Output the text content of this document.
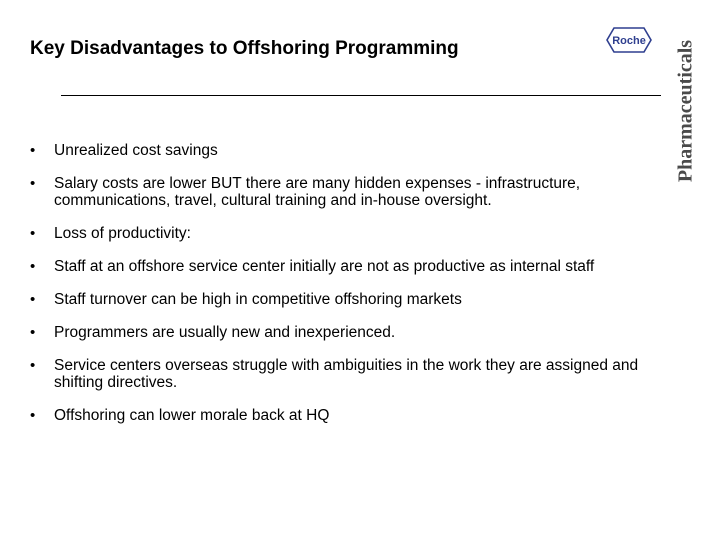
Key Disadvantages to Offshoring Programming	Roche Pharmaceuticals
• Unrealized cost savings
• Salary costs are lower BUT there are many hidden expenses - infrastructure, communications, travel, cultural training and in-house oversight.
• Loss of productivity:
• Staff at an offshore service center initially are not as productive as internal staff
• Staff turnover can be high in competitive offshoring markets
• Programmers are usually new and inexperienced.
• Service centers overseas struggle with ambiguities in the work they are assigned and shifting directives.
• Offshoring can lower morale back at HQ
